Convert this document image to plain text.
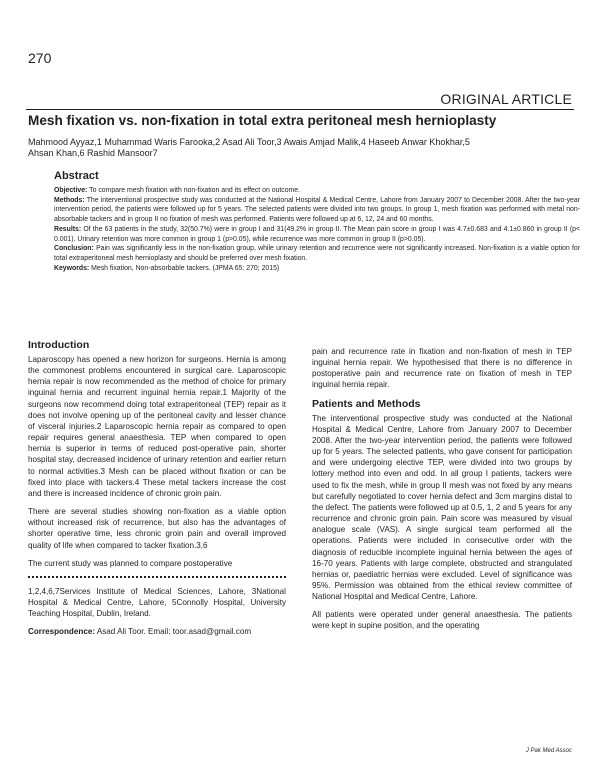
270
ORIGINAL ARTICLE
Mesh fixation vs. non-fixation in total extra peritoneal mesh hernioplasty
Mahmood Ayyaz,1 Muhammad Waris Farooka,2 Asad Ali Toor,3 Awais Amjad Malik,4 Haseeb Anwar Khokhar,5
Ahsan Khan,6 Rashid Mansoor7
Abstract

Objective: To compare mesh fixation with non-fixation and its effect on outcome.

Methods: The interventional prospective study was conducted at the National Hospital & Medical Centre, Lahore from January 2007 to December 2008. After the two-year intervention period, the patients were followed up for 5 years. The selected patients were divided into two groups. In group 1, mesh fixation was performed with metal non-absorbable tackers and in group II no fixation of mesh was performed. Patients were followed up at 6, 12, 24 and 60 months.

Results: Of the 63 patients in the study, 32(50.7%) were in group I and 31(49.2% in group II. The Mean pain score in group I was 4.7±0.683 and 4.1±0.860 in group II (p< 0.001). Urinary retention was more common in group 1 (p>0.05), while recurrence was more common in group II (p>0.05).

Conclusion: Pain was significantly less in the non-fixation group, while urinary retention and recurrence were not significantly increased. Non-fixation is a viable option for total extraperitoneal mesh hernioplasty and should be preferred over mesh fixation.

Keywords: Mesh fixation, Non-absorbable tackers. (JPMA 65: 270; 2015)

Introduction

Laparoscopy has opened a new horizon for surgeons. Hernia is among the commonest problems encountered in surgical care. Laparoscopic hernia repair is now recommended as the method of choice for primary inguinal hernia and recurrent inguinal hernia repair.1 Majority of the surgeons now recommend doing total extraperitoneal (TEP) repair as it does not involve opening up of the peritoneal cavity and lesser chance of visceral injuries.2 Laparoscopic hernia repair as compared to open repair requires general anaesthesia. TEP when compared to open hernia is superior in terms of reduced post-operative pain, shorter hospital stay, decreased incidence of urinary retention and earlier return to normal activities.3 Mesh can be placed without fixation or can be fixed into place with tackers.4 These metal tackers increase the cost and there is increased incidence of chronic groin pain.

There are several studies showing non-fixation as a viable option without increased risk of recurrence, but also has the advantages of shorter operative time, less chronic groin pain and overall improved quality of life when compared to tacker fixation.3,6

The current study was planned to compare postoperative

1,2,4,6,7Services Institute of Medical Sciences, Lahore, 3National Hospital & Medical Centre, Lahore, 5Connolly Hospital, University Teaching Hospital, Dublin, Ireland.

Correspondence: Asad Ali Toor. Email: toor.asad@gmail.com

pain and recurrence rate in fixation and non-fixation of mesh in TEP inguinal hernia repair. We hypothesised that there is no difference in postoperative pain and recurrence rate on fixation of mesh in TEP inguinal hernia repair.

Patients and Methods

The interventional prospective study was conducted at the National Hospital & Medical Centre, Lahore from January 2007 to December 2008. After the two-year intervention period, the patients were followed up for 5 years. The selected patients, who gave consent for participation and were undergoing elective TEP, were divided into two groups by lottery method into even and odd. In all group I patients, tackers were used to fix the mesh, while in group II mesh was not fixed by any means but carefully negotiated to cover hernia defect and 3cm margins distal to the defect. The patients were followed up at 0.5, 1, 2 and 5 years for any recurrence and chronic groin pain. Pain score was measured by visual analogue scale (VAS). A single surgical team performed all the operations. Patients were included in consecutive order with the diagnosis of reducible incomplete inguinal hernia between the ages of 16-70 years. Patients with large complete, obstructed and strangulated hernias or, paediatric hernias were excluded. Level of significance was 95%. Permission was obtained from the ethical review committee of National Hospital and Medical Centre, Lahore.

All patients were operated under general anaesthesia. The patients were kept in supine position, and the operating

J Pak Med Assoc
